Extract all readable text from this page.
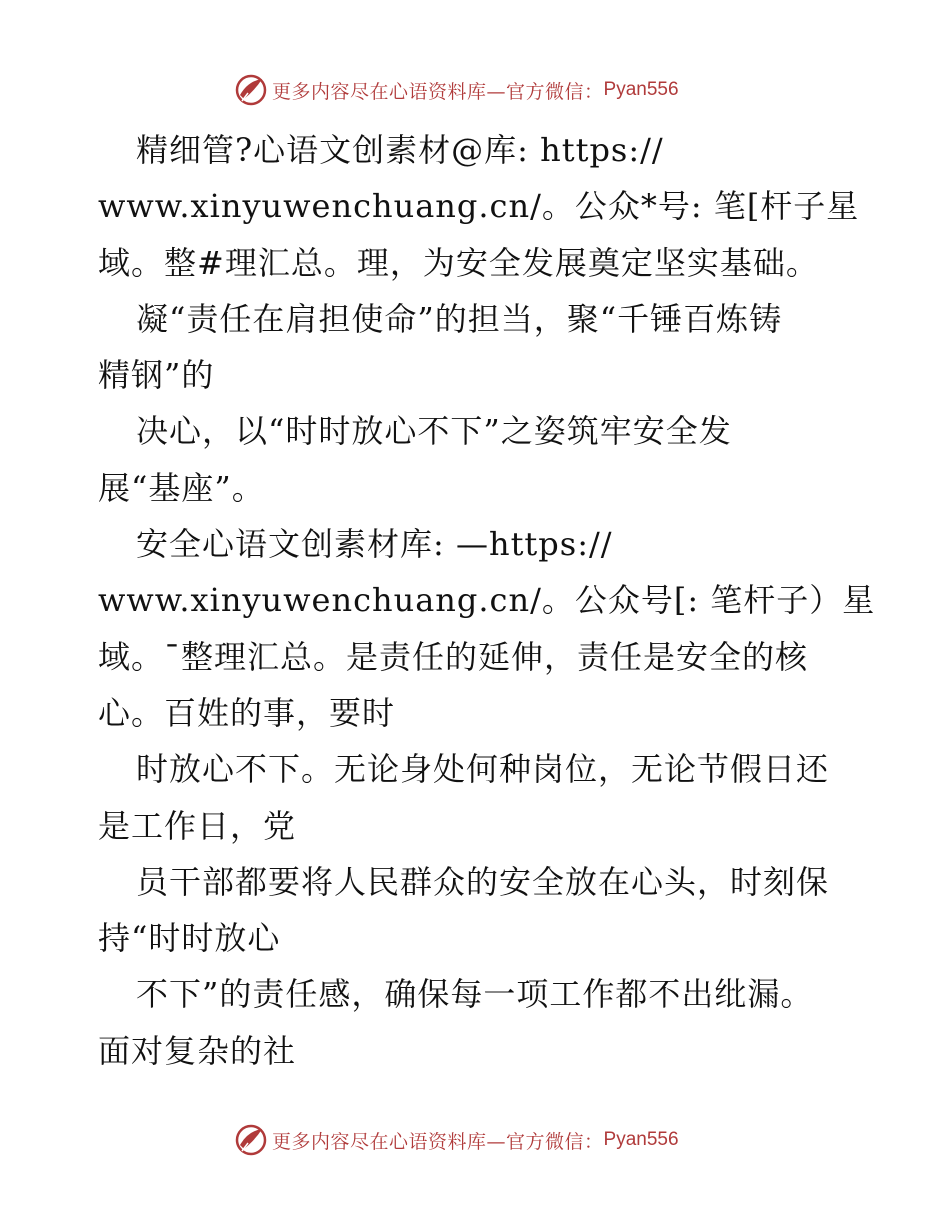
更多内容尽在心语资料库—官方微信： Pyan556
精细管?心语文创素材@库: https://
www.xinyuwenchuang.cn/。公众*号: 笔[杆子星
域。整#理汇总。理，为安全发展奠定坚实基础。
凝“责任在肩担使命”的担当，聚“千锤百炼铸
精钢”的
决心，以“时时放心不下”之姿筑牢安全发
展“基座”。
安全心语文创素材库: —https://
www.xinyuwenchuang.cn/。公众号[: 笔杆子）星
域。¯整理汇总。是责任的延伸，责任是安全的核
心。百姓的事，要时
时放心不下。无论身处何种岗位，无论节假日还
是工作日，党
员干部都要将人民群众的安全放在心头，时刻保
持“时时放心
不下”的责任感，确保每一项工作都不出纰漏。
面对复杂的社
更多内容尽在心语资料库—官方微信： Pyan556
